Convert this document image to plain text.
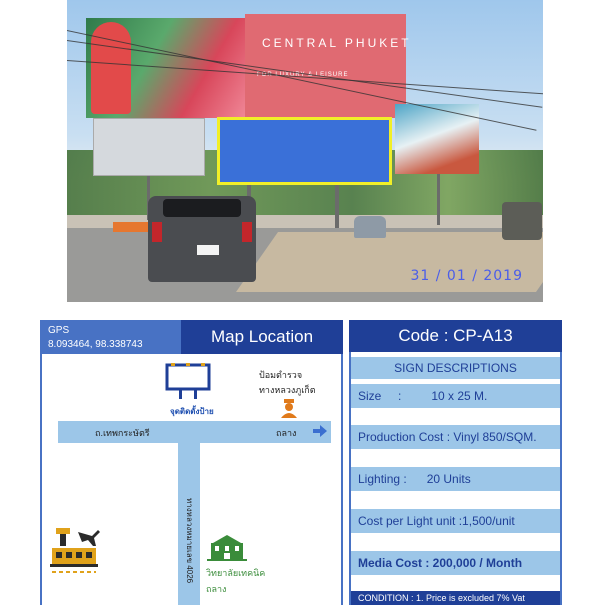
CENTRAL PHUKET
FOR LUXURY & LEISURE
31 / 01 / 2019
GPS
8.093464, 98.338743	Map Location
ถ.เทพกระษัตรี	ถลาง
ทางหลวงหมายเลข 4026
จุดติดตั้งป้าย
ป้อมตำรวจ
ทางหลวงภูเก็ต
วิทยาลัยเทคนิค
ถลาง
Code : CP-A13
SIGN DESCRIPTIONS
Size     :         10 x 25 M.
Production Cost : Vinyl 850/SQM.
Lighting :      20 Units
Cost per Light unit :1,500/unit
Media Cost : 200,000 / Month
CONDITION : 1. Price is excluded 7% Vat
